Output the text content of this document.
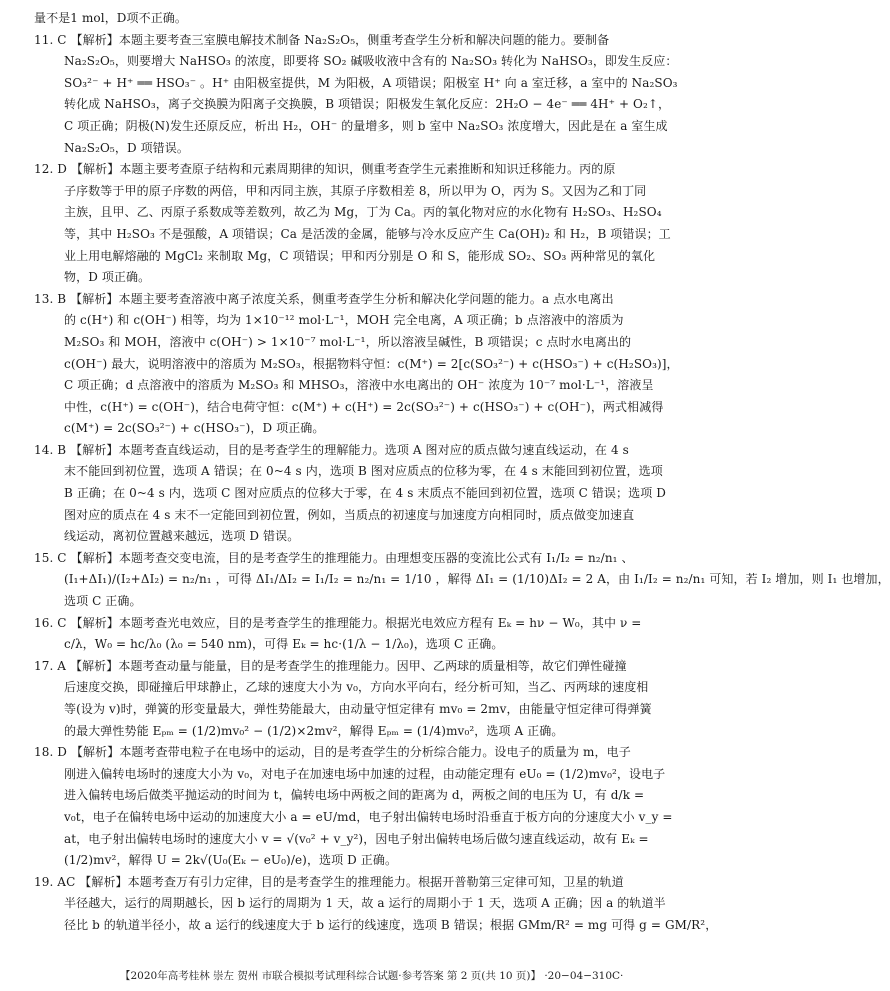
量不是1 mol，D项不正确。
11. C 【解析】本题主要考查三室膜电解技术制备 Na₂S₂O₅，侧重考查学生分析和解决问题的能力。要制备
Na₂S₂O₅，则要增大 NaHSO₃ 的浓度，即要将 SO₂ 碱吸收液中含有的 Na₂SO₃ 转化为 NaHSO₃，即发生反应：
SO₃²⁻ + H⁺ ══ HSO₃⁻ 。H⁺ 由阳极室提供，M 为阳极，A 项错误；阳极室 H⁺ 向 a 室迁移，a 室中的 Na₂SO₃
转化成 NaHSO₃，离子交换膜为阳离子交换膜，B 项错误；阳极发生氧化反应：2H₂O − 4e⁻ ══ 4H⁺ + O₂↑，
C 项正确；阴极(N)发生还原反应，析出 H₂，OH⁻ 的量增多，则 b 室中 Na₂SO₃ 浓度增大，因此是在 a 室生成
Na₂S₂O₅，D 项错误。
12. D 【解析】本题主要考查原子结构和元素周期律的知识，侧重考查学生元素推断和知识迁移能力。丙的原
子序数等于甲的原子序数的两倍，甲和丙同主族，其原子序数相差 8，所以甲为 O，丙为 S。又因为乙和丁同
主族，且甲、乙、丙原子系数成等差数列，故乙为 Mg，丁为 Ca。丙的氧化物对应的水化物有 H₂SO₃、H₂SO₄
等，其中 H₂SO₃ 不是强酸，A 项错误；Ca 是活泼的金属，能够与冷水反应产生 Ca(OH)₂ 和 H₂，B 项错误；工
业上用电解熔融的 MgCl₂ 来制取 Mg，C 项错误；甲和丙分别是 O 和 S，能形成 SO₂、SO₃ 两种常见的氧化
物，D 项正确。
13. B 【解析】本题主要考查溶液中离子浓度关系，侧重考查学生分析和解决化学问题的能力。a 点水电离出
的 c(H⁺) 和 c(OH⁻) 相等，均为 1×10⁻¹² mol·L⁻¹，MOH 完全电离，A 项正确；b 点溶液中的溶质为
M₂SO₃ 和 MOH，溶液中 c(OH⁻) > 1×10⁻⁷ mol·L⁻¹，所以溶液呈碱性，B 项错误；c 点时水电离出的
c(OH⁻) 最大，说明溶液中的溶质为 M₂SO₃，根据物料守恒：c(M⁺) = 2[c(SO₃²⁻) + c(HSO₃⁻) + c(H₂SO₃)]，
C 项正确；d 点溶液中的溶质为 M₂SO₃ 和 MHSO₃，溶液中水电离出的 OH⁻ 浓度为 10⁻⁷ mol·L⁻¹，溶液呈
中性，c(H⁺) = c(OH⁻)，结合电荷守恒：c(M⁺) + c(H⁺) = 2c(SO₃²⁻) + c(HSO₃⁻) + c(OH⁻)，两式相减得
c(M⁺) = 2c(SO₃²⁻) + c(HSO₃⁻)，D 项正确。
14. B 【解析】本题考查直线运动，目的是考查学生的理解能力。选项 A 图对应的质点做匀速直线运动，在 4 s
末不能回到初位置，选项 A 错误；在 0~4 s 内，选项 B 图对应质点的位移为零，在 4 s 末能回到初位置，选项
B 正确；在 0~4 s 内，选项 C 图对应质点的位移大于零，在 4 s 末质点不能回到初位置，选项 C 错误；选项 D
图对应的质点在 4 s 末不一定能回到初位置，例如，当质点的初速度与加速度方向相同时，质点做变加速直
线运动，离初位置越来越远，选项 D 错误。
15. C 【解析】本题考查交变电流，目的是考查学生的推理能力。由理想变压器的变流比公式有 I₁/I₂ = n₂/n₁ 、
(I₁+ΔI₁)/(I₂+ΔI₂) = n₂/n₁ ，可得 ΔI₁/ΔI₂ = I₁/I₂ = n₂/n₁ = 1/10 ，解得 ΔI₁ = (1/10)ΔI₂ = 2 A，由 I₁/I₂ = n₂/n₁ 可知，若 I₂ 增加，则 I₁ 也增加，
选项 C 正确。
16. C 【解析】本题考查光电效应，目的是考查学生的推理能力。根据光电效应方程有 Eₖ = hν − W₀，其中 ν =
c/λ，W₀ = hc/λ₀ (λ₀ = 540 nm)，可得 Eₖ = hc·(1/λ − 1/λ₀)，选项 C 正确。
17. A 【解析】本题考查动量与能量，目的是考查学生的推理能力。因甲、乙两球的质量相等，故它们弹性碰撞
后速度交换，即碰撞后甲球静止，乙球的速度大小为 v₀，方向水平向右，经分析可知，当乙、丙两球的速度相
等(设为 v)时，弹簧的形变量最大，弹性势能最大，由动量守恒定律有 mv₀ = 2mv，由能量守恒定律可得弹簧
的最大弹性势能 Eₚₘ = (1/2)mv₀² − (1/2)×2mv²，解得 Eₚₘ = (1/4)mv₀²，选项 A 正确。
18. D 【解析】本题考查带电粒子在电场中的运动，目的是考查学生的分析综合能力。设电子的质量为 m，电子
刚进入偏转电场时的速度大小为 v₀，对电子在加速电场中加速的过程，由动能定理有 eU₀ = (1/2)mv₀²，设电子
进入偏转电场后做类平抛运动的时间为 t，偏转电场中两板之间的距离为 d，两板之间的电压为 U，有 d/k =
v₀t，电子在偏转电场中运动的加速度大小 a = eU/md，电子射出偏转电场时沿垂直于板方向的分速度大小 v_y =
at，电子射出偏转电场时的速度大小 v = √(v₀² + v_y²)，因电子射出偏转电场后做匀速直线运动，故有 Eₖ =
(1/2)mv²，解得 U = 2k√(U₀(Eₖ − eU₀)/e)，选项 D 正确。
19. AC 【解析】本题考查万有引力定律，目的是考查学生的推理能力。根据开普勒第三定律可知，卫星的轨道
半径越大，运行的周期越长，因 b 运行的周期为 1 天，故 a 运行的周期小于 1 天，选项 A 正确；因 a 的轨道半
径比 b 的轨道半径小，故 a 运行的线速度大于 b 运行的线速度，选项 B 错误；根据 GMm/R² = mg 可得 g = GM/R²，
【2020年高考桂林 崇左 贺州 市联合模拟考试理科综合试题·参考答案 第 2 页(共 10 页)】 ·20−04−310C·
